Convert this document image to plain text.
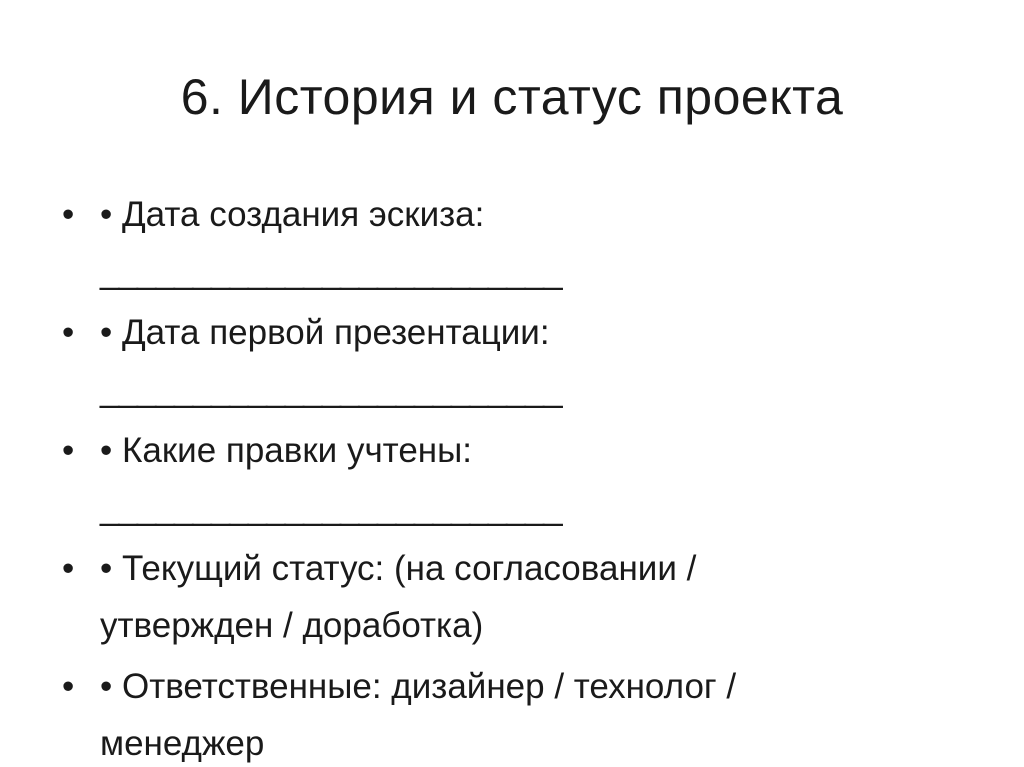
6. История и статус проекта
• • Дата создания эскиза:
_________________________
• • Дата первой презентации:
_________________________
• • Какие правки учтены:
_________________________
• • Текущий статус: (на согласовании /
утвержден / доработка)
• • Ответственные: дизайнер / технолог /
менеджер
